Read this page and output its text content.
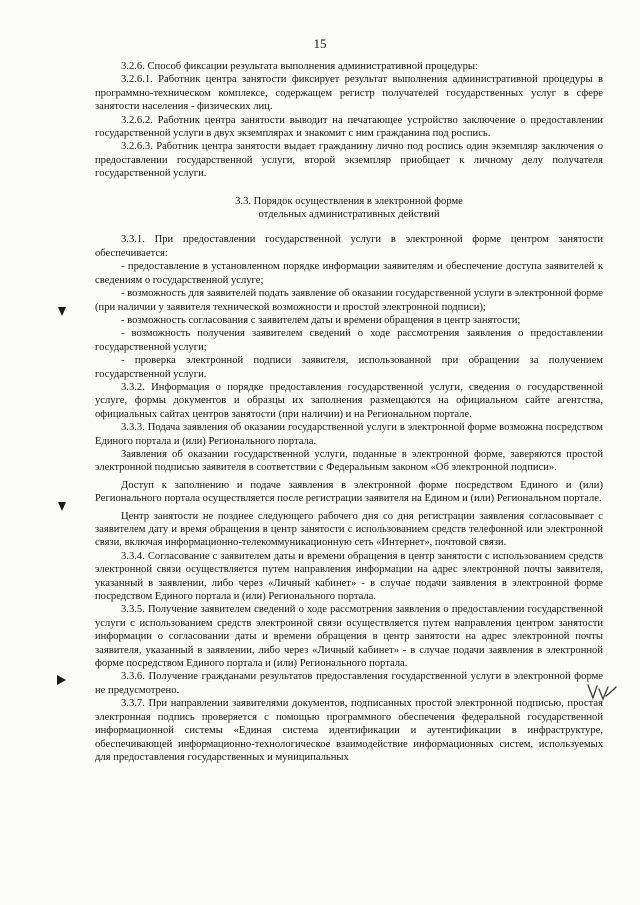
15

3.2.6. Способ фиксации результата выполнения административной процедуры:

3.2.6.1. Работник центра занятости фиксирует результат выполнения административной процедуры в программно-техническом комплексе, содержащем регистр получателей государственных услуг в сфере занятости населения - физических лиц.

3.2.6.2. Работник центра занятости выводит на печатающее устройство заключение о предоставлении государственной услуги в двух экземплярах и знакомит с ним гражданина под роспись.

3.2.6.3. Работник центра занятости выдает гражданину лично под роспись один экземпляр заключения о предоставлении государственной услуги, второй экземпляр приобщает к личному делу получателя государственной услуги.

3.3. Порядок осуществления в электронной форме
отдельных административных действий

3.3.1. При предоставлении государственной услуги в электронной форме центром занятости обеспечивается:

- предоставление в установленном порядке информации заявителям и обеспечение доступа заявителей к сведениям о государственной услуге;

- возможность для заявителей подать заявление об оказании государственной услуги в электронной форме (при наличии у заявителя технической возможности и простой электронной подписи);

- возможность согласования с заявителем даты и времени обращения в центр занятости;

- возможность получения заявителем сведений о ходе рассмотрения заявления о предоставлении государственной услуги;

- проверка электронной подписи заявителя, использованной при обращении за получением государственной услуги.

3.3.2. Информация о порядке предоставления государственной услуги, сведения о государственной услуге, формы документов и образцы их заполнения размещаются на официальном сайте агентства, официальных сайтах центров занятости (при наличии) и на Региональном портале.

3.3.3. Подача заявления об оказании государственной услуги в электронной форме возможна посредством Единого портала и (или) Регионального портала.

Заявления об оказании государственной услуги, поданные в электронной форме, заверяются простой электронной подписью заявителя в соответствии с Федеральным законом «Об электронной подписи».

Доступ к заполнению и подаче заявления в электронной форме посредством Единого и (или) Регионального портала осуществляется после регистрации заявителя на Едином и (или) Региональном портале.

Центр занятости не позднее следующего рабочего дня со дня регистрации заявления согласовывает с заявителем дату и время обращения в центр занятости с использованием средств телефонной или электронной связи, включая информационно-телекоммуникационную сеть «Интернет», почтовой связи.

3.3.4. Согласование с заявителем даты и времени обращения в центр занятости с использованием средств электронной связи осуществляется путем направления информации на адрес электронной почты заявителя, указанный в заявлении, либо через «Личный кабинет» - в случае подачи заявления в электронной форме посредством Единого портала и (или) Регионального портала.

3.3.5. Получение заявителем сведений о ходе рассмотрения заявления о предоставлении государственной услуги с использованием средств электронной связи осуществляется путем направления центром занятости информации о согласовании даты и времени обращения в центр занятости на адрес электронной почты заявителя, указанный в заявлении, либо через «Личный кабинет» - в случае подачи заявления в электронной форме посредством Единого портала и (или) Регионального портала.

3.3.6. Получение гражданами результатов предоставления государственной услуги в электронной форме не предусмотрено.

3.3.7. При направлении заявителями документов, подписанных простой электронной подписью, простая электронная подпись проверяется с помощью программного обеспечения федеральной государственной информационной системы «Единая система идентификации и аутентификации в инфраструктуре, обеспечивающей информационно-технологическое взаимодействие информационных систем, используемых для предоставления государственных и муниципальных
